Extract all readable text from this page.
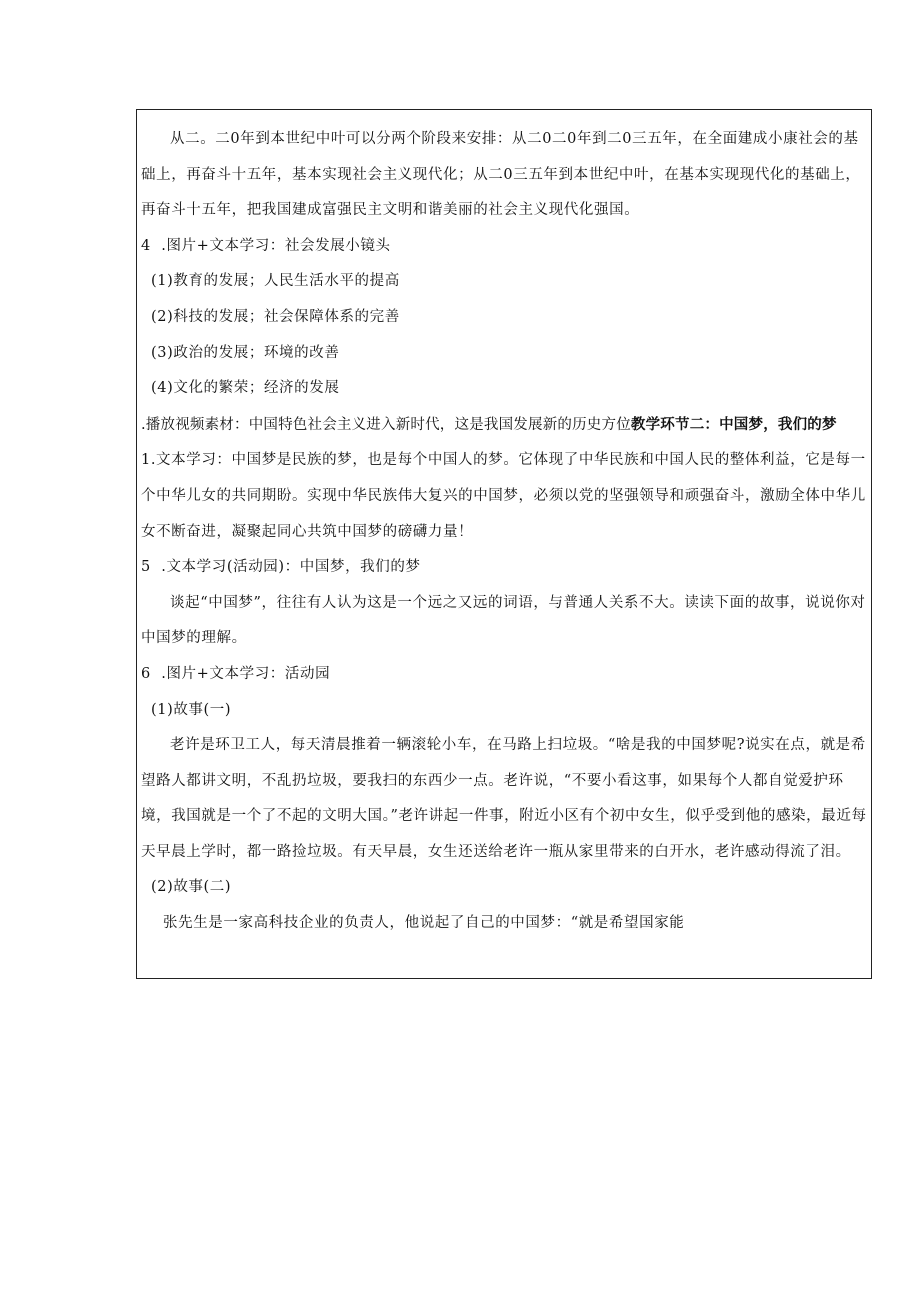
从二。二0年到本世纪中叶可以分两个阶段来安排：从二0二0年到二0三五年，在全面建成小康社会的基础上，再奋斗十五年，基本实现社会主义现代化；从二0三五年到本世纪中叶，在基本实现现代化的基础上，再奋斗十五年，把我国建成富强民主文明和谐美丽的社会主义现代化强国。

4  .图片+文本学习：社会发展小镜头

(1)教育的发展；人民生活水平的提高

(2)科技的发展；社会保障体系的完善

(3)政治的发展；环境的改善

(4)文化的繁荣；经济的发展

.播放视频素材：中国特色社会主义进入新时代，这是我国发展新的历史方位教学环节二：中国梦，我们的梦

1.文本学习：中国梦是民族的梦，也是每个中国人的梦。它体现了中华民族和中国人民的整体利益，它是每一个中华儿女的共同期盼。实现中华民族伟大复兴的中国梦，必须以党的坚强领导和顽强奋斗，激励全体中华儿女不断奋进，凝聚起同心共筑中国梦的磅礴力量！

5  .文本学习(活动园)：中国梦，我们的梦

谈起“中国梦”，往往有人认为这是一个远之又远的词语，与普通人关系不大。读读下面的故事，说说你对中国梦的理解。

6  .图片+文本学习：活动园

(1)故事(一)

老许是环卫工人，每天清晨推着一辆滚轮小车，在马路上扫垃圾。“啥是我的中国梦呢?说实在点，就是希望路人都讲文明，不乱扔垃圾，要我扫的东西少一点。老许说，“不要小看这事，如果每个人都自觉爱护环境，我国就是一个了不起的文明大国。”老许讲起一件事，附近小区有个初中女生，似乎受到他的感染，最近每天早晨上学时，都一路捡垃圾。有天早晨，女生还送给老许一瓶从家里带来的白开水，老许感动得流了泪。

(2)故事(二)

张先生是一家高科技企业的负责人，他说起了自己的中国梦：“就是希望国家能
